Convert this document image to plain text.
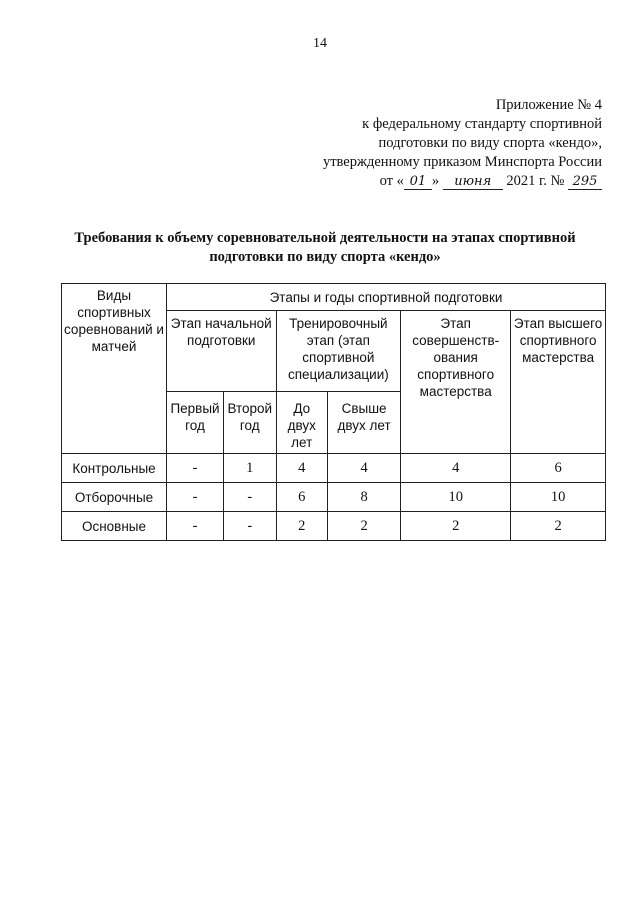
14
Приложение № 4
к федеральному стандарту спортивной
подготовки по виду спорта «кендо»,
утвержденному приказом Минспорта России
от « 01 » июня 2021 г. № 295
Требования к объему соревновательной деятельности на этапах спортивной подготовки по виду спорта «кендо»
Виды спортивных соревнований и матчей	Этапы и годы спортивной подготовки					
	Этап начальной подготовки		Тренировочный этап (этап спортивной специализации)		Этап совершенств-ования спортивного мастерства	Этап высшего спортивного мастерства
	Первый год	Второй год	До двух лет	Свыше двух лет		
Контрольные	-	1	4	4	4	6
Отборочные	-	-	6	8	10	10
Основные	-	-	2	2	2	2
